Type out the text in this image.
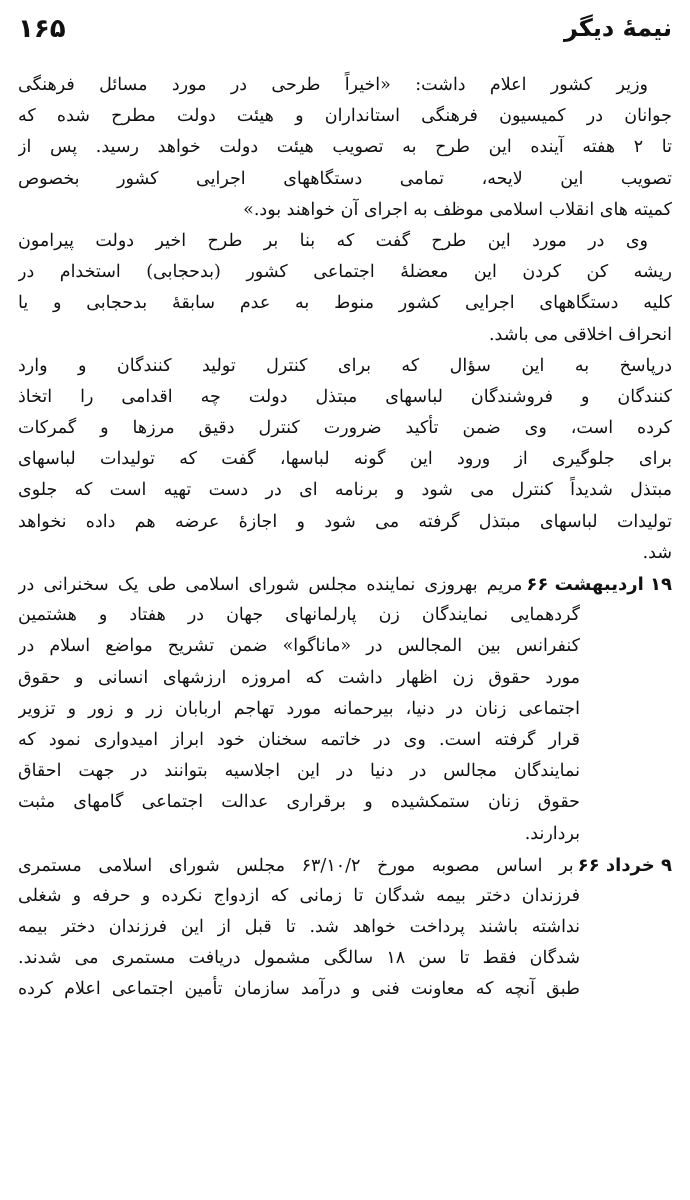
نیمهٔ دیگر
۱۶۵
وزیر کشور اعلام داشت: «اخیراً طرحی در مورد مسائل فرهنگی
جوانان در کمیسیون فرهنگی استانداران و هیئت دولت مطرح شده که
تا ۲ هفته آینده این طرح به تصویب هیئت دولت خواهد رسید. پس از
تصویب این لایحه، تمامی دستگاههای اجرایی کشور بخصوص
کمیته های انقلاب اسلامی موظف به اجرای آن خواهند بود.»
وی در مورد این طرح گفت که بنا بر طرح اخیر دولت پیرامون
ریشه کن کردن این معضلهٔ اجتماعی کشور (بدحجابی) استخدام در
کلیه دستگاههای اجرایی کشور منوط به عدم سابقهٔ بدحجابی و یا
انحراف اخلاقی می باشد.
درپاسخ به این سؤال که برای کنترل تولید کنندگان و وارد
کنندگان و فروشندگان لباسهای مبتذل دولت چه اقدامی را اتخاذ
کرده است، وی ضمن تأکید ضرورت کنترل دقیق مرزها و گمرکات
برای جلوگیری از ورود این گونه لباسها، گفت که تولیدات لباسهای
مبتذل شدیداً کنترل می شود و برنامه ای در دست تهیه است که جلوی
تولیدات لباسهای مبتذل گرفته می شود و اجازهٔ عرضه هم داده نخواهد
شد.
۱۹ اردیبهشت ۶۶
مریم بهروزی نماینده مجلس شورای اسلامی طی یک سخنرانی در
گردهمایی نمایندگان زن پارلمانهای جهان در هفتاد و هشتمین
کنفرانس بین المجالس در «ماناگوا» ضمن تشریح مواضع اسلام در
مورد حقوق زن اظهار داشت که امروزه ارزشهای انسانی و حقوق
اجتماعی زنان در دنیا، بیرحمانه مورد تهاجم اربابان زر و زور و تزویر
قرار گرفته است. وی در خاتمه سخنان خود ابراز امیدواری نمود که
نمایندگان مجالس در دنیا در این اجلاسیه بتوانند در جهت احقاق
حقوق زنان ستمکشیده و برقراری عدالت اجتماعی گامهای مثبت
بردارند.
۹ خرداد ۶۶
بر اساس مصوبه مورخ ۶۳/۱۰/۲ مجلس شورای اسلامی مستمری
فرزندان دختر بیمه شدگان تا زمانی که ازدواج نکرده و حرفه و شغلی
نداشته باشند پرداخت خواهد شد. تا قبل از این فرزندان دختر بیمه
شدگان فقط تا سن ۱۸ سالگی مشمول دریافت مستمری می شدند.
طبق آنچه که معاونت فنی و درآمد سازمان تأمین اجتماعی اعلام کرده
